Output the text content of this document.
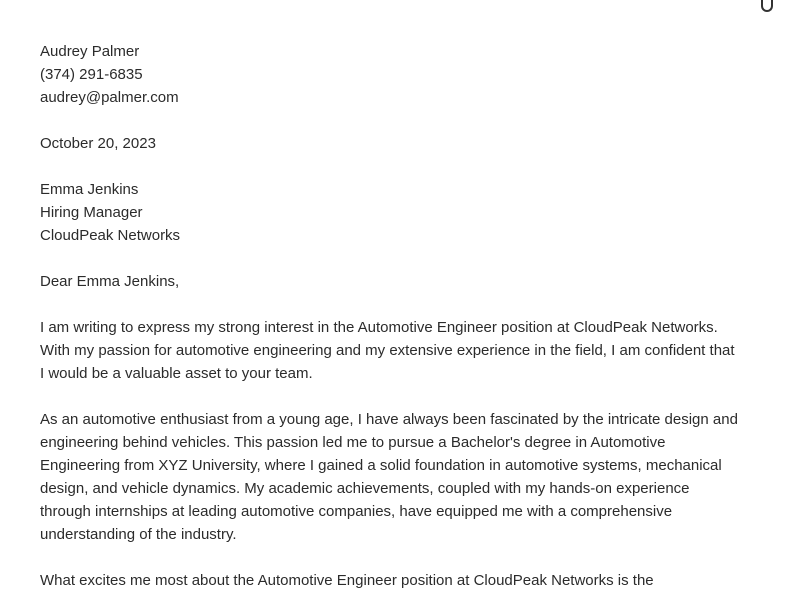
Audrey Palmer
(374) 291-6835
audrey@palmer.com
October 20, 2023
Emma Jenkins
Hiring Manager
CloudPeak Networks
Dear Emma Jenkins,

I am writing to express my strong interest in the Automotive Engineer position at CloudPeak Networks.
With my passion for automotive engineering and my extensive experience in the field, I am confident that
I would be a valuable asset to your team.

As an automotive enthusiast from a young age, I have always been fascinated by the intricate design and
engineering behind vehicles. This passion led me to pursue a Bachelor's degree in Automotive
Engineering from XYZ University, where I gained a solid foundation in automotive systems, mechanical
design, and vehicle dynamics. My academic achievements, coupled with my hands-on experience
through internships at leading automotive companies, have equipped me with a comprehensive
understanding of the industry.

What excites me most about the Automotive Engineer position at CloudPeak Networks is the
